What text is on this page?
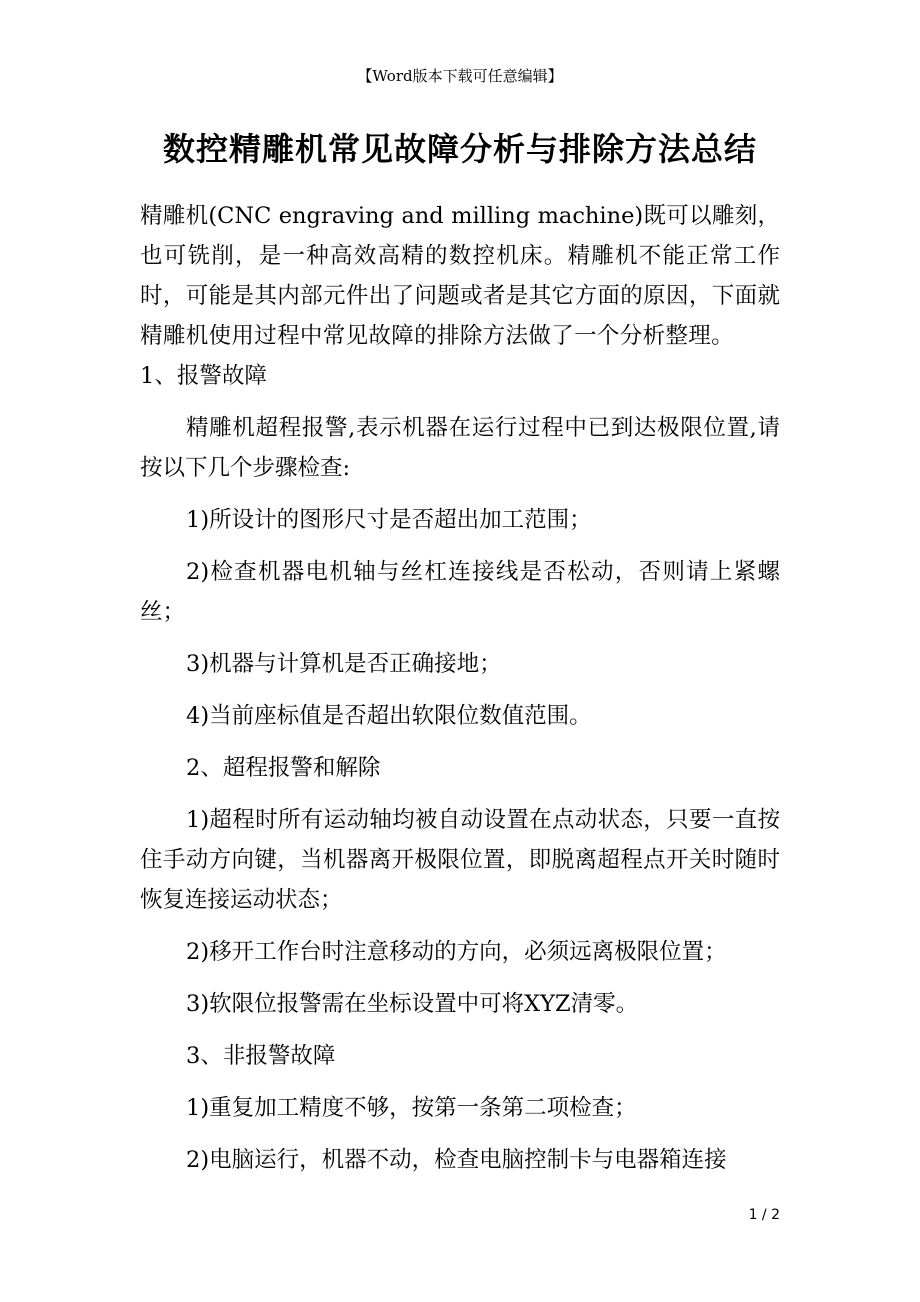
【Word版本下载可任意编辑】
数控精雕机常见故障分析与排除方法总结

精雕机(CNC engraving and milling machine)既可以雕刻，也可铣削，是一种高效高精的数控机床。精雕机不能正常工作时，可能是其内部元件出了问题或者是其它方面的原因，下面就精雕机使用过程中常见故障的排除方法做了一个分析整理。1、报警故障

精雕机超程报警,表示机器在运行过程中已到达极限位置,请按以下几个步骤检查:

1)所设计的图形尺寸是否超出加工范围；

2)检查机器电机轴与丝杠连接线是否松动，否则请上紧螺丝；

3)机器与计算机是否正确接地；

4)当前座标值是否超出软限位数值范围。

2、超程报警和解除

1)超程时所有运动轴均被自动设置在点动状态，只要一直按住手动方向键，当机器离开极限位置，即脱离超程点开关时随时恢复连接运动状态；

2)移开工作台时注意移动的方向，必须远离极限位置；

3)软限位报警需在坐标设置中可将XYZ清零。

3、非报警故障

1)重复加工精度不够，按第一条第二项检查；

2)电脑运行，机器不动，检查电脑控制卡与电器箱连接

1 / 2
